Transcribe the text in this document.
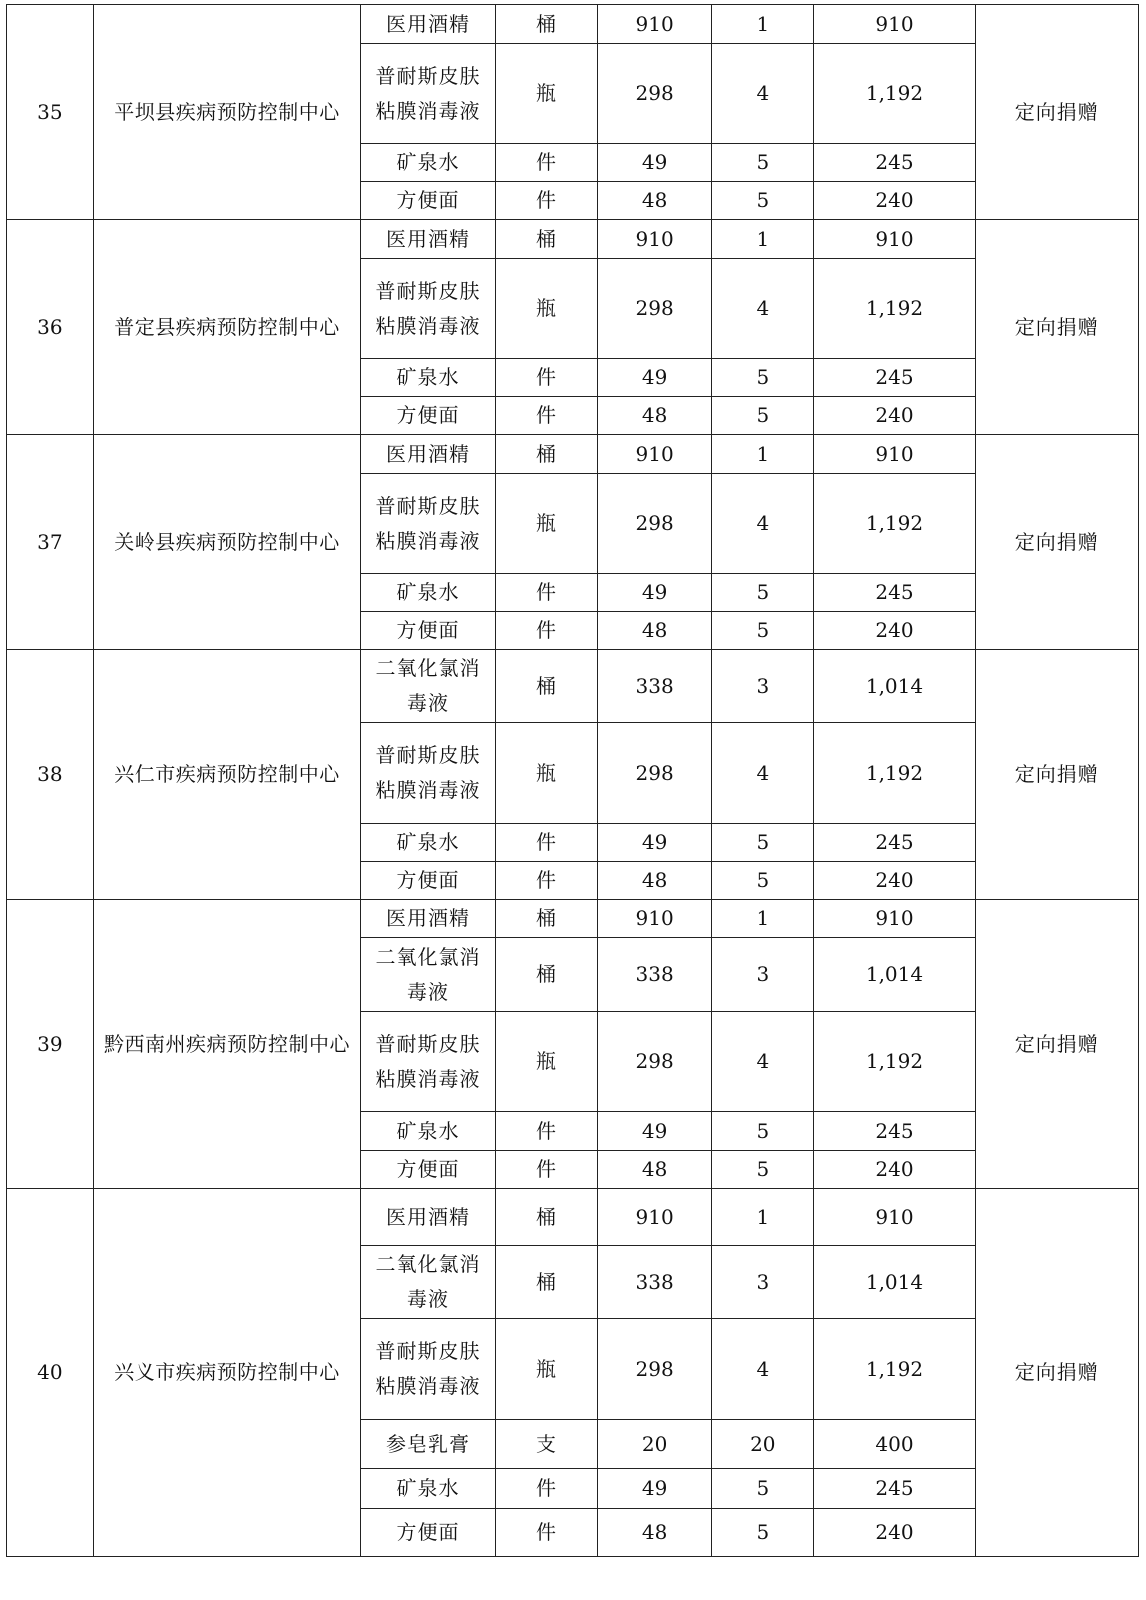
35	平坝县疾病预防控制中心	医用酒精	桶	910	1	910	定向捐赠
		普耐斯皮肤粘膜消毒液	瓶	298	4	1,192	
		矿泉水	件	49	5	245	
		方便面	件	48	5	240	
36	普定县疾病预防控制中心	医用酒精	桶	910	1	910	定向捐赠
		普耐斯皮肤粘膜消毒液	瓶	298	4	1,192	
		矿泉水	件	49	5	245	
		方便面	件	48	5	240	
37	关岭县疾病预防控制中心	医用酒精	桶	910	1	910	定向捐赠
		普耐斯皮肤粘膜消毒液	瓶	298	4	1,192	
		矿泉水	件	49	5	245	
		方便面	件	48	5	240	
38	兴仁市疾病预防控制中心	二氧化氯消毒液	桶	338	3	1,014	定向捐赠
		普耐斯皮肤粘膜消毒液	瓶	298	4	1,192	
		矿泉水	件	49	5	245	
		方便面	件	48	5	240	
39	黔西南州疾病预防控制中心	医用酒精	桶	910	1	910	定向捐赠
		二氧化氯消毒液	桶	338	3	1,014	
		普耐斯皮肤粘膜消毒液	瓶	298	4	1,192	
		矿泉水	件	49	5	245	
		方便面	件	48	5	240	
40	兴义市疾病预防控制中心	医用酒精	桶	910	1	910	定向捐赠
		二氧化氯消毒液	桶	338	3	1,014	
		普耐斯皮肤粘膜消毒液	瓶	298	4	1,192	
		参皂乳膏	支	20	20	400	
		矿泉水	件	49	5	245	
		方便面	件	48	5	240	
